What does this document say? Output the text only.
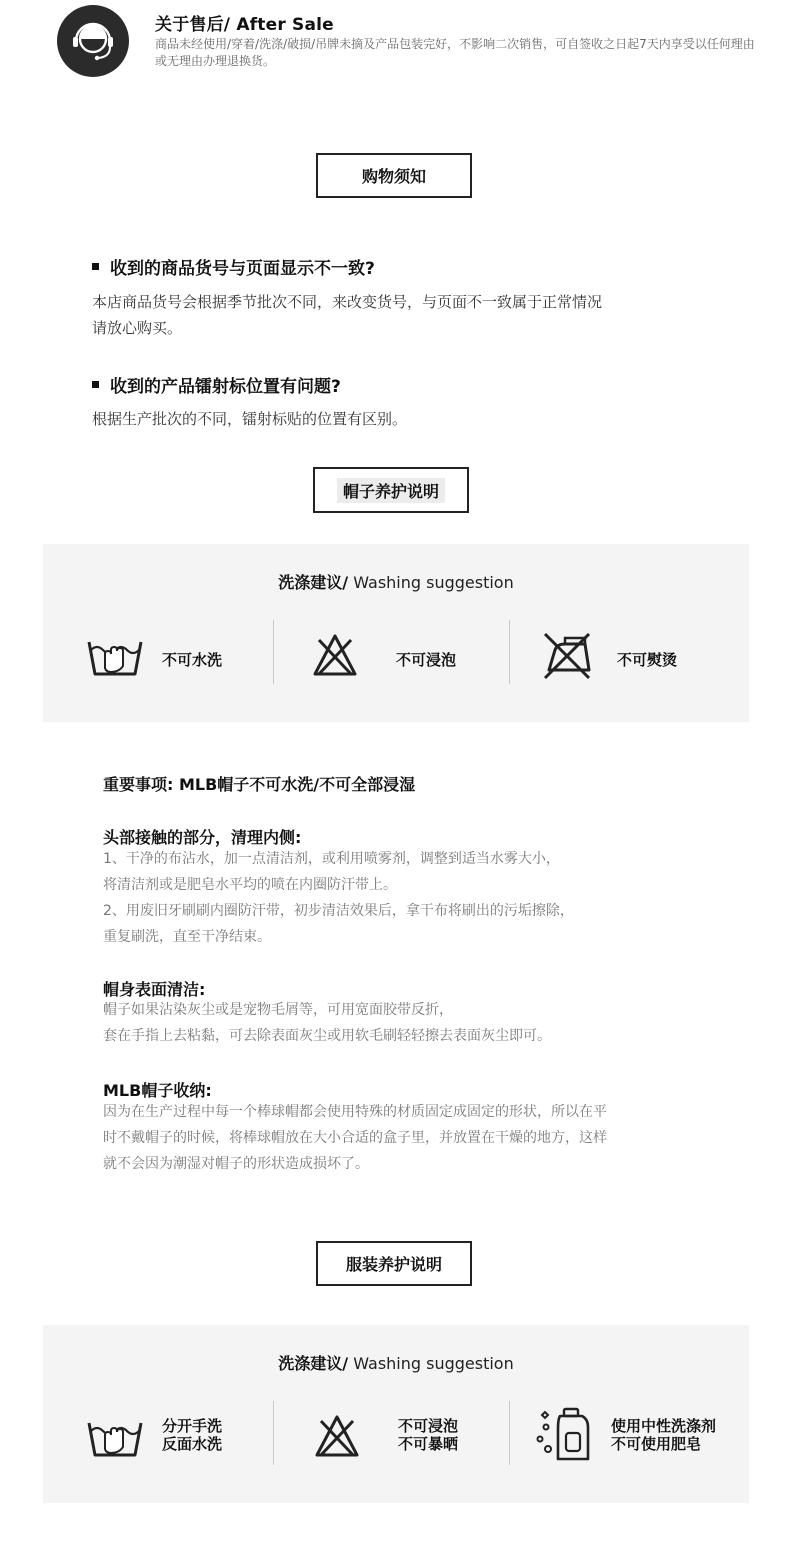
关于售后/ After Sale
商品未经使用/穿着/洗涤/破损/吊牌未摘及产品包装完好，不影响二次销售，可自签收之日起7天内享受以任何理由或无理由办理退换货。
购物须知
收到的商品货号与页面显示不一致?
本店商品货号会根据季节批次不同，来改变货号，与页面不一致属于正常情况
请放心购买。
收到的产品镭射标位置有问题?
根据生产批次的不同，镭射标贴的位置有区别。
帽子养护说明
洗涤建议/ Washing suggestion
不可水洗	不可浸泡	不可熨烫
重要事项: MLB帽子不可水洗/不可全部浸湿
头部接触的部分，清理内侧:
1、干净的布沾水，加一点清洁剂，或利用喷雾剂，调整到适当水雾大小，
将清洁剂或是肥皂水平均的喷在内圈防汗带上。
2、用废旧牙刷刷内圈防汗带，初步清洁效果后，拿干布将刷出的污垢擦除，
重复刷洗，直至干净结束。
帽身表面清洁:
帽子如果沾染灰尘或是宠物毛屑等，可用宽面胶带反折，
套在手指上去粘黏，可去除表面灰尘或用软毛刷轻轻擦去表面灰尘即可。
MLB帽子收纳:
因为在生产过程中每一个棒球帽都会使用特殊的材质固定成固定的形状，所以在平
时不戴帽子的时候，将棒球帽放在大小合适的盒子里，并放置在干燥的地方，这样
就不会因为潮湿对帽子的形状造成损坏了。
服装养护说明
洗涤建议/ Washing suggestion
分开手洗
反面水洗
不可浸泡
不可暴晒
使用中性洗涤剂
不可使用肥皂
